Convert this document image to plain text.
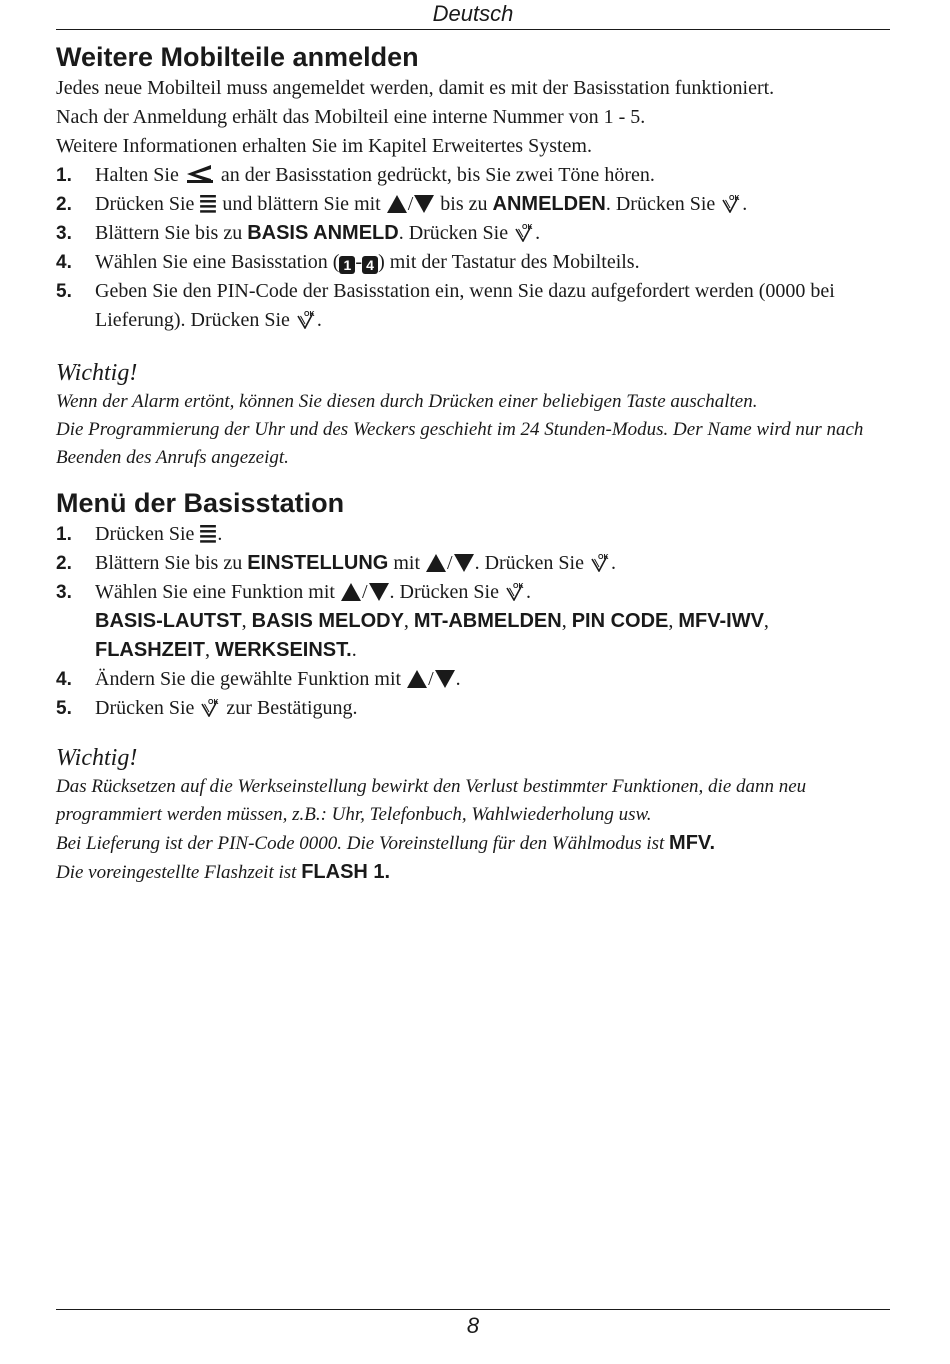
Deutsch
Weitere Mobilteile anmelden

Jedes neue Mobilteil muss angemeldet werden, damit es mit der Basisstation funktioniert.

Nach der Anmeldung erhält das Mobilteil eine interne Nummer von 1 - 5.

Weitere Informationen erhalten Sie im Kapitel Erweitertes System.

1.	Halten Sie an der Basisstation gedrückt, bis Sie zwei Töne hören.
2.	Drücken Sie und blättern Sie mit / bis zu ANMELDEN. Drücken Sie .
3.	Blättern Sie bis zu BASIS ANMELD. Drücken Sie .
4.	Wählen Sie eine Basisstation ( 1 - 4 ) mit der Tastatur des Mobilteils.
5.	Geben Sie den PIN-Code der Basisstation ein, wenn Sie dazu aufgefordert werden (0000 bei Lieferung). Drücken Sie .

Wichtig!

Wenn der Alarm ertönt, können Sie diesen durch Drücken einer beliebigen Taste auschalten.

Die Programmierung der Uhr und des Weckers geschieht im 24 Stunden-Modus. Der Name wird nur nach Beenden des Anrufs angezeigt.

Menü der Basisstation
1.	Drücken Sie .
2.	Blättern Sie bis zu EINSTELLUNG mit / . Drücken Sie .
3.	Wählen Sie eine Funktion mit / . Drücken Sie .
BASIS-LAUTST, BASIS MELODY, MT-ABMELDEN, PIN CODE, MFV-IWV,
FLASHZEIT, WERKSEINST..
4.	Ändern Sie die gewählte Funktion mit / .
5.	Drücken Sie zur Bestätigung.

Wichtig!

Das Rücksetzen auf die Werkseinstellung bewirkt den Verlust bestimmter Funktionen, die dann neu programmiert werden müssen, z.B.: Uhr, Telefonbuch, Wahlwiederholung usw.

Bei Lieferung ist der PIN-Code 0000. Die Voreinstellung für den Wählmodus ist MFV.

Die voreingestellte Flashzeit ist FLASH 1.

8
